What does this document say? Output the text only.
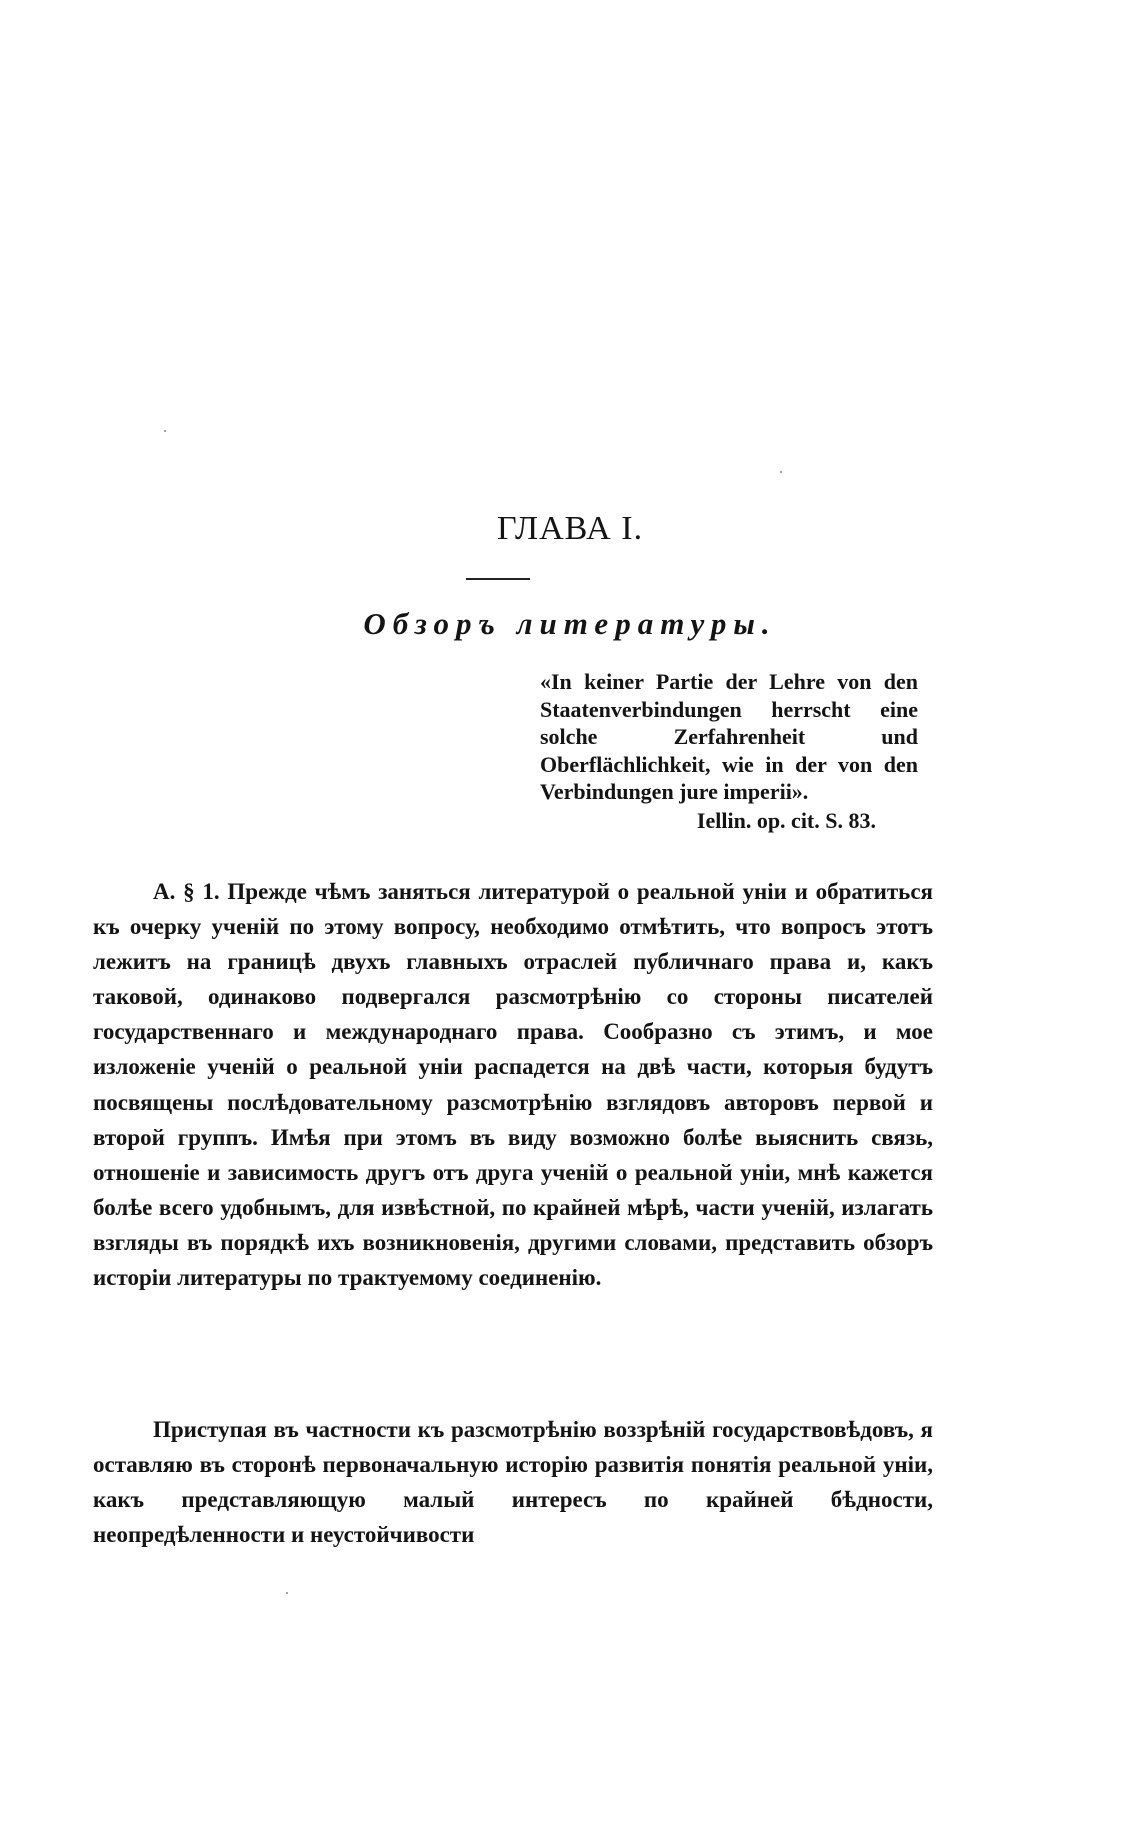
ГЛАВА I.
Обзоръ литературы.
«In keiner Partie der Lehre von den Staatenverbindungen herrscht eine solche Zerfahrenheit und Oberflächlichkeit, wie in der von den Verbindungen jure imperii».
Iellin. op. cit. S. 83.

А. § 1. Прежде чѣмъ заняться литературой о реальной уніи и обратиться къ очерку ученій по этому вопросу, необходимо отмѣтить, что вопросъ этотъ лежитъ на границѣ двухъ главныхъ отраслей публичнаго права и, какъ таковой, одинаково подвергался разсмотрѣнію со стороны писателей государственнаго и международнаго права. Сообразно съ этимъ, и мое изложеніе ученій о реальной уніи распадется на двѣ части, которыя будутъ посвящены послѣдовательному разсмотрѣнію взглядовъ авторовъ первой и второй группъ. Имѣя при этомъ въ виду возможно болѣе выяснить связь, отношеніе и зависимость другъ отъ друга ученій о реальной уніи, мнѣ кажется болѣе всего удобнымъ, для извѣстной, по крайней мѣрѣ, части ученій, излагать взгляды въ порядкѣ ихъ возникновенія, другими словами, представить обзоръ исторіи литературы по трактуемому соединенію.

Приступая въ частности къ разсмотрѣнію воззрѣній государствовѣдовъ, я оставляю въ сторонѣ первоначальную исторію развитія понятія реальной уніи, какъ представляющую малый интересъ по крайней бѣдности, неопредѣленности и неустойчивости
